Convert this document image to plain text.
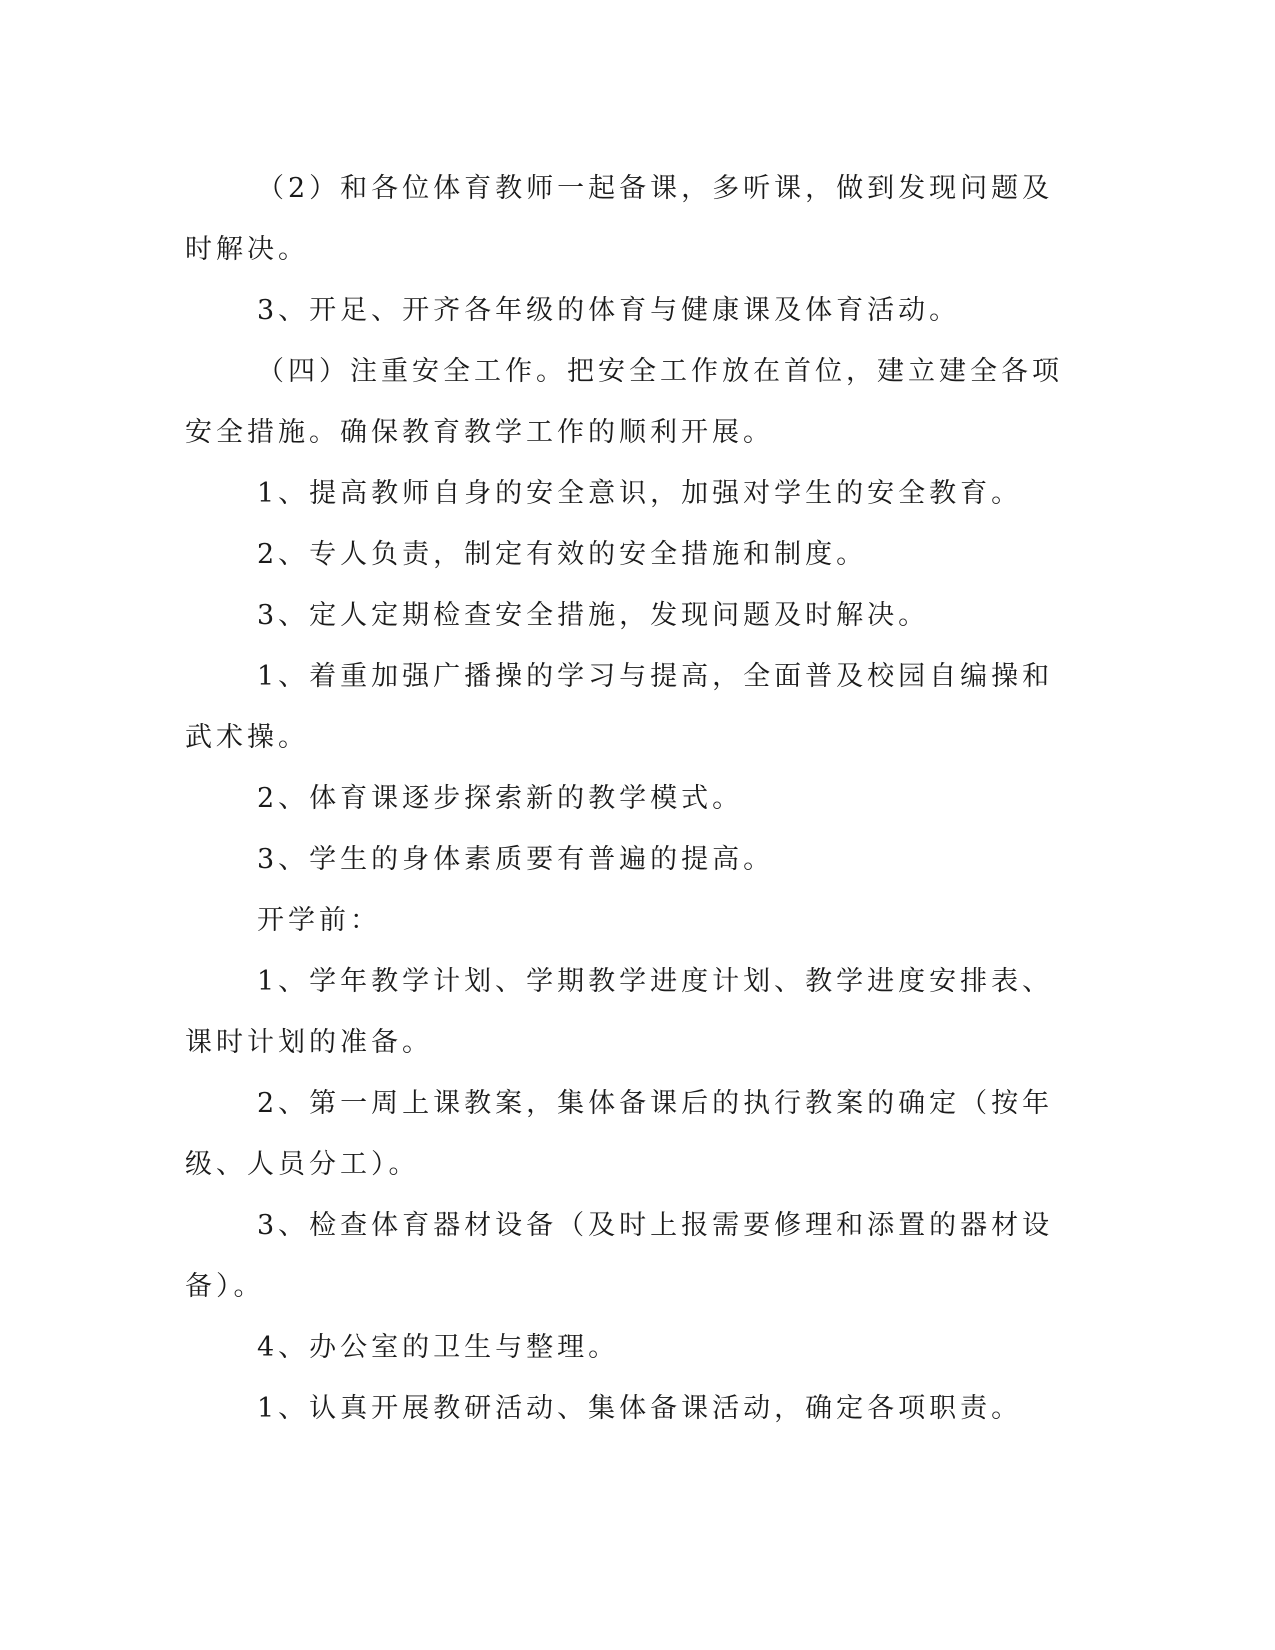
（2）和各位体育教师一起备课，多听课，做到发现问题及时解决。

3、开足、开齐各年级的体育与健康课及体育活动。

（四）注重安全工作。把安全工作放在首位，建立建全各项安全措施。确保教育教学工作的顺利开展。

1、提高教师自身的安全意识，加强对学生的安全教育。

2、专人负责，制定有效的安全措施和制度。

3、定人定期检查安全措施，发现问题及时解决。

1、着重加强广播操的学习与提高，全面普及校园自编操和武术操。

2、体育课逐步探索新的教学模式。

3、学生的身体素质要有普遍的提高。

开学前：

1、学年教学计划、学期教学进度计划、教学进度安排表、课时计划的准备。

2、第一周上课教案，集体备课后的执行教案的确定（按年级、人员分工）。

3、检查体育器材设备（及时上报需要修理和添置的器材设备）。

4、办公室的卫生与整理。

1、认真开展教研活动、集体备课活动，确定各项职责。
